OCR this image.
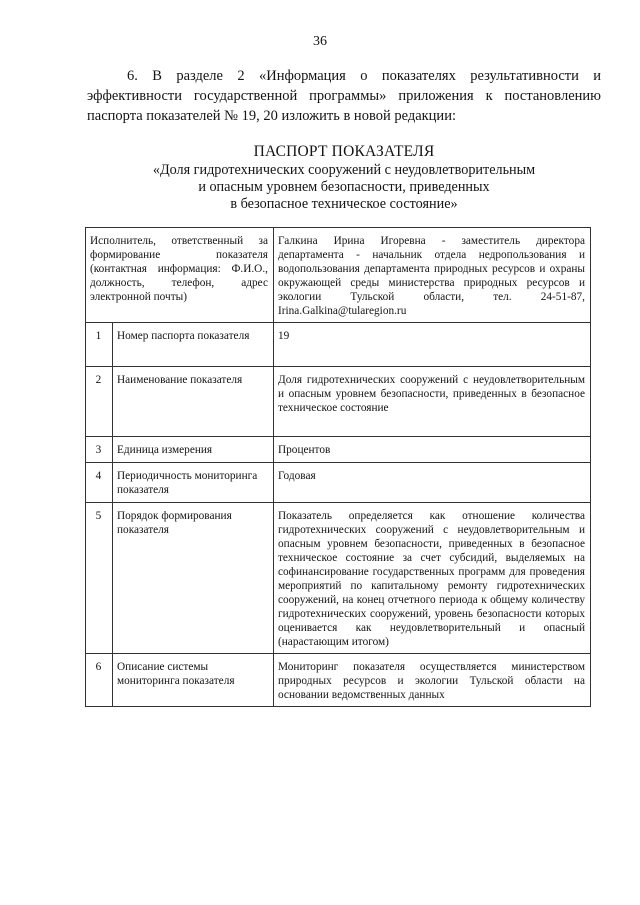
36

6. В разделе 2 «Информация о показателях результативности и эффективности государственной программы» приложения к постановлению паспорта показателей № 19, 20 изложить в новой редакции:

ПАСПОРТ ПОКАЗАТЕЛЯ
«Доля гидротехнических сооружений с неудовлетворительным
и опасным уровнем безопасности, приведенных
в безопасное техническое состояние»
Исполнитель, ответственный за формирование показателя (контактная информация: Ф.И.О., должность, телефон, адрес электронной почты)		Галкина Ирина Игоревна - заместитель директора департамента - начальник отдела недропользования и водопользования департамента природных ресурсов и охраны окружающей среды министерства природных ресурсов и экологии Тульской области, тел. 24-51-87, Irina.Galkina@tularegion.ru
1	Номер паспорта показателя	19
2	Наименование показателя	Доля гидротехнических сооружений с неудовлетворительным и опасным уровнем безопасности, приведенных в безопасное техническое состояние
3	Единица измерения	Процентов
4	Периодичность мониторинга показателя	Годовая
5	Порядок формирования показателя	Показатель определяется как отношение количества гидротехнических сооружений с неудовлетворительным и опасным уровнем безопасности, приведенных в безопасное техническое состояние за счет субсидий, выделяемых на софинансирование государственных программ для проведения мероприятий по капитальному ремонту гидротехнических сооружений, на конец отчетного периода к общему количеству гидротехнических сооружений, уровень безопасности которых оценивается как неудовлетворительный и опасный (нарастающим итогом)
6	Описание системы мониторинга показателя	Мониторинг показателя осуществляется министерством природных ресурсов и экологии Тульской области на основании ведомственных данных
